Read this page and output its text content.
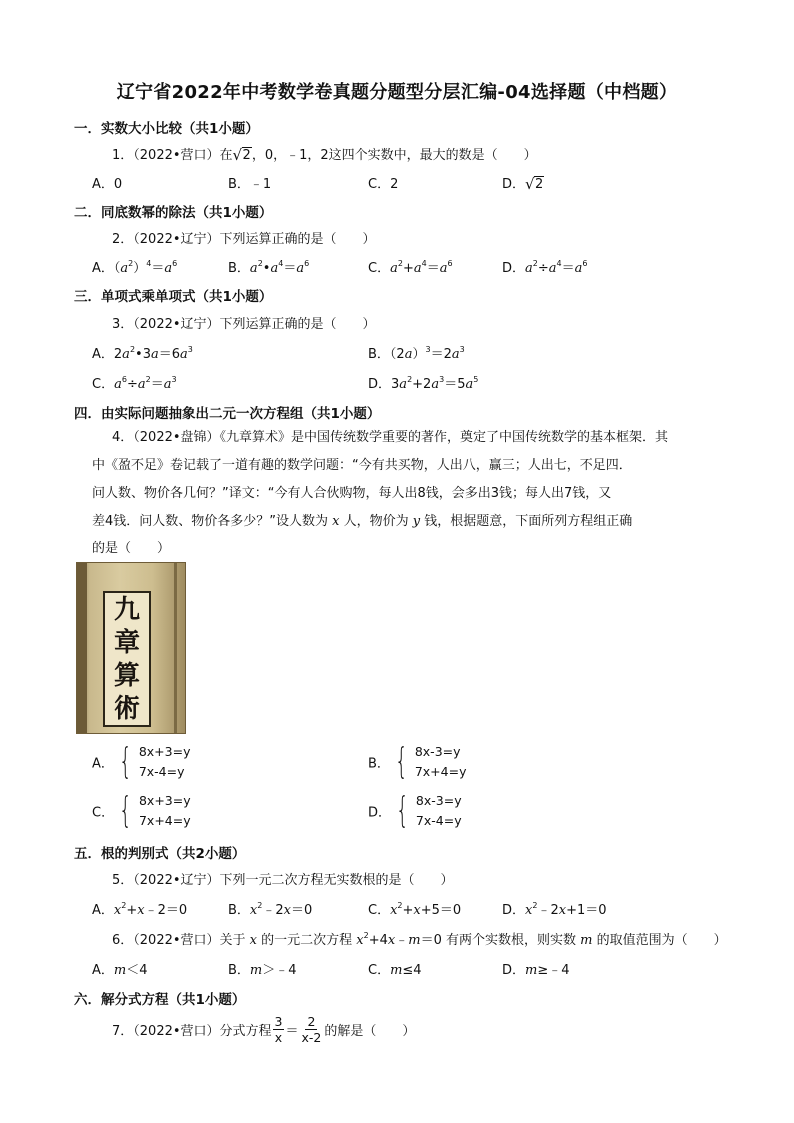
辽宁省2022年中考数学卷真题分题型分层汇编-04选择题（中档题）
一．实数大小比较（共1小题）
1．（2022•营口）在 √ 2，0，﹣1，2这四个实数中，最大的数是（　　）
A．0	B．﹣1	C．2	D． √ 2
二．同底数幂的除法（共1小题）
2．（2022•辽宁）下列运算正确的是（　　）
A．$(a^2)^4=a^6$	B．$a^2•a^4=a^6$	C．$a^2+a^4=a^6$	D．$a^2\div a^4=a^6$
三．单项式乘单项式（共1小题）
3．（2022•辽宁）下列运算正确的是（　　）
A．$2a^2•3a=6a^3$	B．$(2a)^3=2a^3$
C．$a^6\div a^2=a^3$	D．$3a^2+2a^3=5a^5$
四．由实际问题抽象出二元一次方程组（共1小题）
4．（2022•盘锦）《九章算术》是中国传统数学重要的著作，奠定了中国传统数学的基本框架．其
中《盈不足》卷记载了一道有趣的数学问题：“今有共买物，人出八，赢三；人出七，不足四．
问人数、物价各几何？”译文：“今有人合伙购物，每人出8钱，会多出3钱；每人出7钱，又
差4钱．问人数、物价各多少？”设人数为 x 人，物价为 y 钱，根据题意，下面所列方程组正确
的是（　　）
九
章
算
術
A． { 8x+3=y
7x-4=y	B． { 8x-3=y
7x+4=y
C． { 8x+3=y
7x+4=y	D． { 8x-3=y
7x-4=y
五．根的判别式（共2小题）
5．（2022•辽宁）下列一元二次方程无实数根的是（　　）
A．$x^2+x﹣2=0$	B．$x^2﹣2x=0$	C．$x^2+x+5=0$	D．$x^2﹣2x+1=0$
6．（2022•营口）关于 x 的一元二次方程 $x^2+4x﹣m=0$ 有两个实数根，则实数 m 的取值范围为（　　）
A．m＜4	B．m＞﹣4	C．m≤4	D．m≥﹣4
六．解分式方程（共1小题）
7．（2022•营口）分式方程 $\frac{3}{x} = \frac{2}{x-2}$ 的解是（　　）
